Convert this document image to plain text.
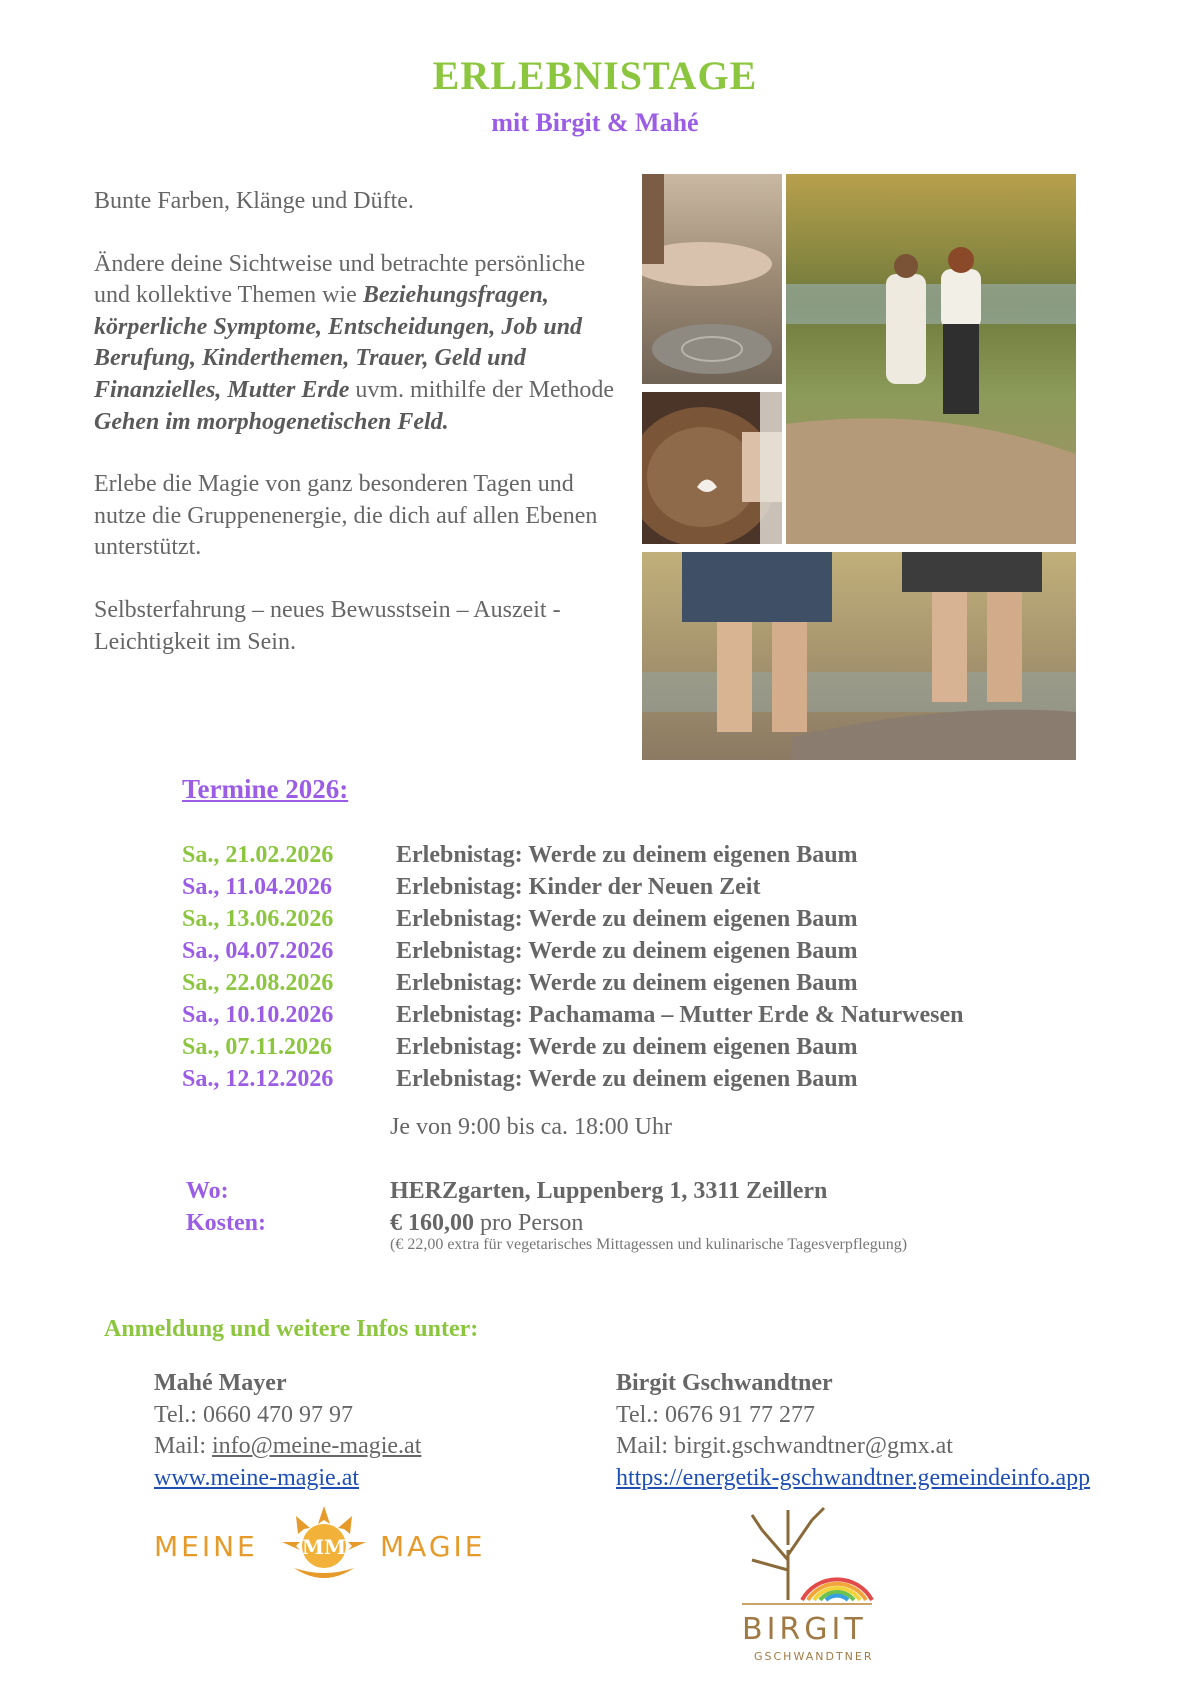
ERLEBNISTAGE
mit Birgit & Mahé

Bunte Farben, Klänge und Düfte.

Ändere deine Sichtweise und betrachte persönliche und kollektive Themen wie Beziehungsfragen, körperliche Symptome, Entscheidungen, Job und Berufung, Kinderthemen, Trauer, Geld und Finanzielles, Mutter Erde uvm. mithilfe der Methode Gehen im morphogenetischen Feld.

Erlebe die Magie von ganz besonderen Tagen und nutze die Gruppenenergie, die dich auf allen Ebenen unterstützt.

Selbsterfahrung – neues Bewusstsein – Auszeit - Leichtigkeit im Sein.

Termine 2026:
Sa., 21.02.2026	Erlebnistag: Werde zu deinem eigenen Baum
Sa., 11.04.2026	Erlebnistag: Kinder der Neuen Zeit
Sa., 13.06.2026	Erlebnistag: Werde zu deinem eigenen Baum
Sa., 04.07.2026	Erlebnistag: Werde zu deinem eigenen Baum
Sa., 22.08.2026	Erlebnistag: Werde zu deinem eigenen Baum
Sa., 10.10.2026	Erlebnistag: Pachamama – Mutter Erde & Naturwesen
Sa., 07.11.2026	Erlebnistag: Werde zu deinem eigenen Baum
Sa., 12.12.2026	Erlebnistag: Werde zu deinem eigenen Baum
Je von 9:00 bis ca. 18:00 Uhr
Wo:	HERZgarten, Luppenberg 1, 3311 Zeillern
Kosten:	€ 160,00 pro Person
(€ 22,00 extra für vegetarisches Mittagessen und kulinarische Tagesverpflegung)
Anmeldung und weitere Infos unter:
Mahé Mayer
Tel.: 0660 470 97 97
Mail: info@meine-magie.at
www.meine-magie.at
Birgit Gschwandtner
Tel.: 0676 91 77 277
Mail: birgit.gschwandtner@gmx.at
https://energetik-gschwandtner.gemeindeinfo.app
MEINE MM MAGIE
BIRGIT
GSCHWANDTNER
